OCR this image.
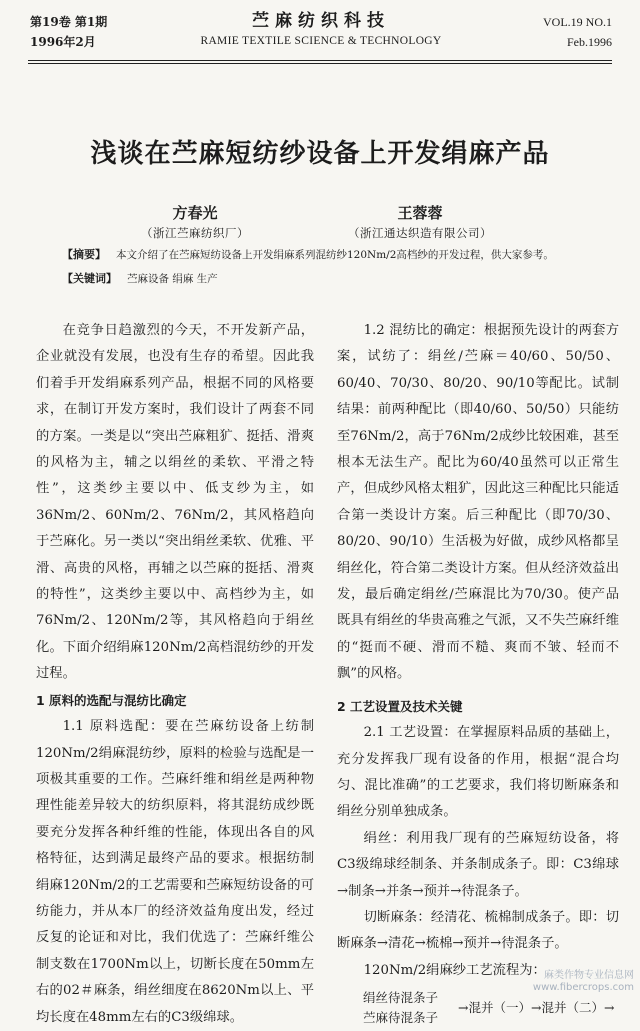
第19卷 第1期
1996年2月
苎麻纺织科技
RAMIE TEXTILE SCIENCE & TECHNOLOGY
VOL.19 NO.1
Feb.1996
浅谈在苎麻短纺纱设备上开发绢麻产品
方春光
（浙江苎麻纺织厂）
王蓉蓉
（浙江通达织造有限公司）
【摘要】 本文介绍了在苎麻短纺设备上开发绢麻系列混纺纱120Nm/2高档纱的开发过程，供大家参考。
【关键词】 苎麻设备 绢麻 生产

在竞争日趋激烈的今天，不开发新产品，企业就没有发展，也没有生存的希望。因此我们着手开发绢麻系列产品，根据不同的风格要求，在制订开发方案时，我们设计了两套不同的方案。一类是以“突出苎麻粗犷、挺括、滑爽的风格为主，辅之以绢丝的柔软、平滑之特性”，这类纱主要以中、低支纱为主，如36Nm/2、60Nm/2、76Nm/2，其风格趋向于苎麻化。另一类以“突出绢丝柔软、优雅、平滑、高贵的风格，再辅之以苎麻的挺括、滑爽的特性”，这类纱主要以中、高档纱为主，如76Nm/2、120Nm/2等，其风格趋向于绢丝化。下面介绍绢麻120Nm/2高档混纺纱的开发过程。

1 原料的选配与混纺比确定

1.1 原料选配：要在苎麻纺设备上纺制120Nm/2绢麻混纺纱，原料的检验与选配是一项极其重要的工作。苎麻纤维和绢丝是两种物理性能差异较大的纺织原料，将其混纺成纱既要充分发挥各种纤维的性能，体现出各自的风格特征，达到满足最终产品的要求。根据纺制绢麻120Nm/2的工艺需要和苎麻短纺设备的可纺能力，并从本厂的经济效益角度出发，经过反复的论证和对比，我们优选了：苎麻纤维公制支数在1700Nm以上，切断长度在50mm左右的02＃麻条，绢丝细度在8620Nm以上、平均长度在48mm左右的C3级绵球。

1.2 混纺比的确定：根据预先设计的两套方案，试纺了：绢丝/苎麻＝40/60、50/50、60/40、70/30、80/20、90/10等配比。试制结果：前两种配比（即40/60、50/50）只能纺至76Nm/2，高于76Nm/2成纱比较困难，甚至根本无法生产。配比为60/40虽然可以正常生产，但成纱风格太粗犷，因此这三种配比只能适合第一类设计方案。后三种配比（即70/30、80/20、90/10）生活极为好做，成纱风格都呈绢丝化，符合第二类设计方案。但从经济效益出发，最后确定绢丝/苎麻混比为70/30。使产品既具有绢丝的华贵高雅之气派，又不失苎麻纤维的“挺而不硬、滑而不糙、爽而不皱、轻而不飘”的风格。

2 工艺设置及技术关键

2.1 工艺设置：在掌握原料品质的基础上，充分发挥我厂现有设备的作用，根据“混合均匀、混比准确”的工艺要求，我们将切断麻条和绢丝分别单独成条。

绢丝：利用我厂现有的苎麻短纺设备，将C3级绵球经制条、并条制成条子。即：C3绵球→制条→并条→预并→待混条子。

切断麻条：经清花、梳棉制成条子。即：切断麻条→清花→梳棉→预并→待混条子。

120Nm/2绢麻纱工艺流程为：

绢丝待混条子
苎麻待混条子
→混并（一）→混并（二）→
麻类作物专业信息网
www.fibercrops.com
